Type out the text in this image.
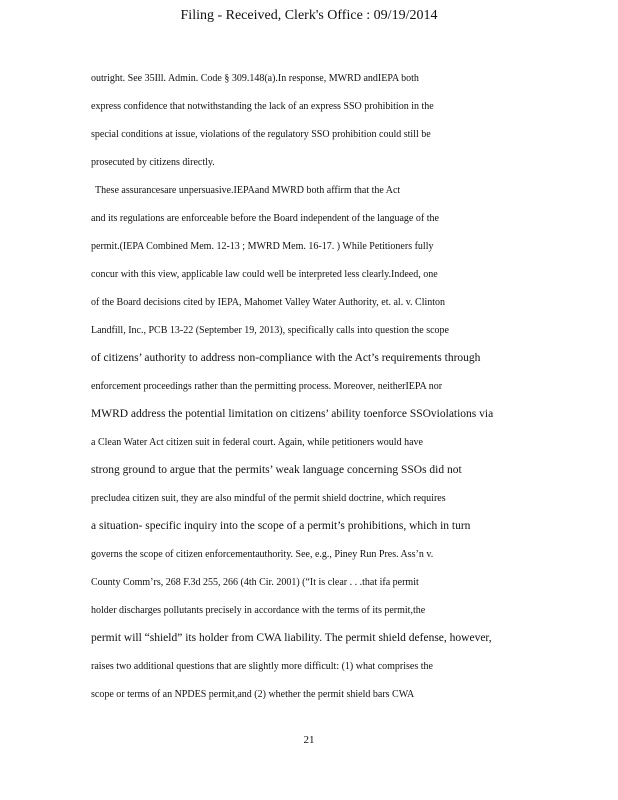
Filing - Received, Clerk's Office : 09/19/2014
outright. See 35Ill. Admin. Code § 309.148(a).In response, MWRD andIEPA both
express confidence that notwithstanding the lack of an express SSO prohibition in the
special conditions at issue, violations of the regulatory SSO prohibition could still be
prosecuted by citizens directly.
These assurancesare unpersuasive.IEPAand MWRD both affirm that the Act
and its regulations are enforceable before the Board independent of the language of the
permit.(IEPA Combined Mem. 12-13 ; MWRD Mem. 16-17. ) While Petitioners fully
concur with this view, applicable law could well be interpreted less clearly.Indeed, one
of the Board decisions cited by IEPA, Mahomet Valley Water Authority, et. al. v. Clinton
Landfill, Inc., PCB 13-22 (September 19, 2013), specifically calls into question the scope
of citizens’ authority to address non-compliance with the Act’s requirements through
enforcement proceedings rather than the permitting process. Moreover, neitherIEPA nor
MWRD address the potential limitation on citizens’ ability toenforce SSOviolations via
a Clean Water Act citizen suit in federal court. Again, while petitioners would have
strong ground to argue that the permits’ weak language concerning SSOs did not
precludea citizen suit, they are also mindful of the permit shield doctrine, which requires
a situation- specific inquiry into the scope of a permit’s prohibitions, which in turn
governs the scope of citizen enforcementauthority. See, e.g., Piney Run Pres. Ass’n v.
County Comm’rs, 268 F.3d 255, 266 (4th Cir. 2001) (“It is clear . . .that ifa permit
holder discharges pollutants precisely in accordance with the terms of its permit,the
permit will “shield” its holder from CWA liability. The permit shield defense, however,
raises two additional questions that are slightly more difficult: (1) what comprises the
scope or terms of an NPDES permit,and (2) whether the permit shield bars CWA
21
